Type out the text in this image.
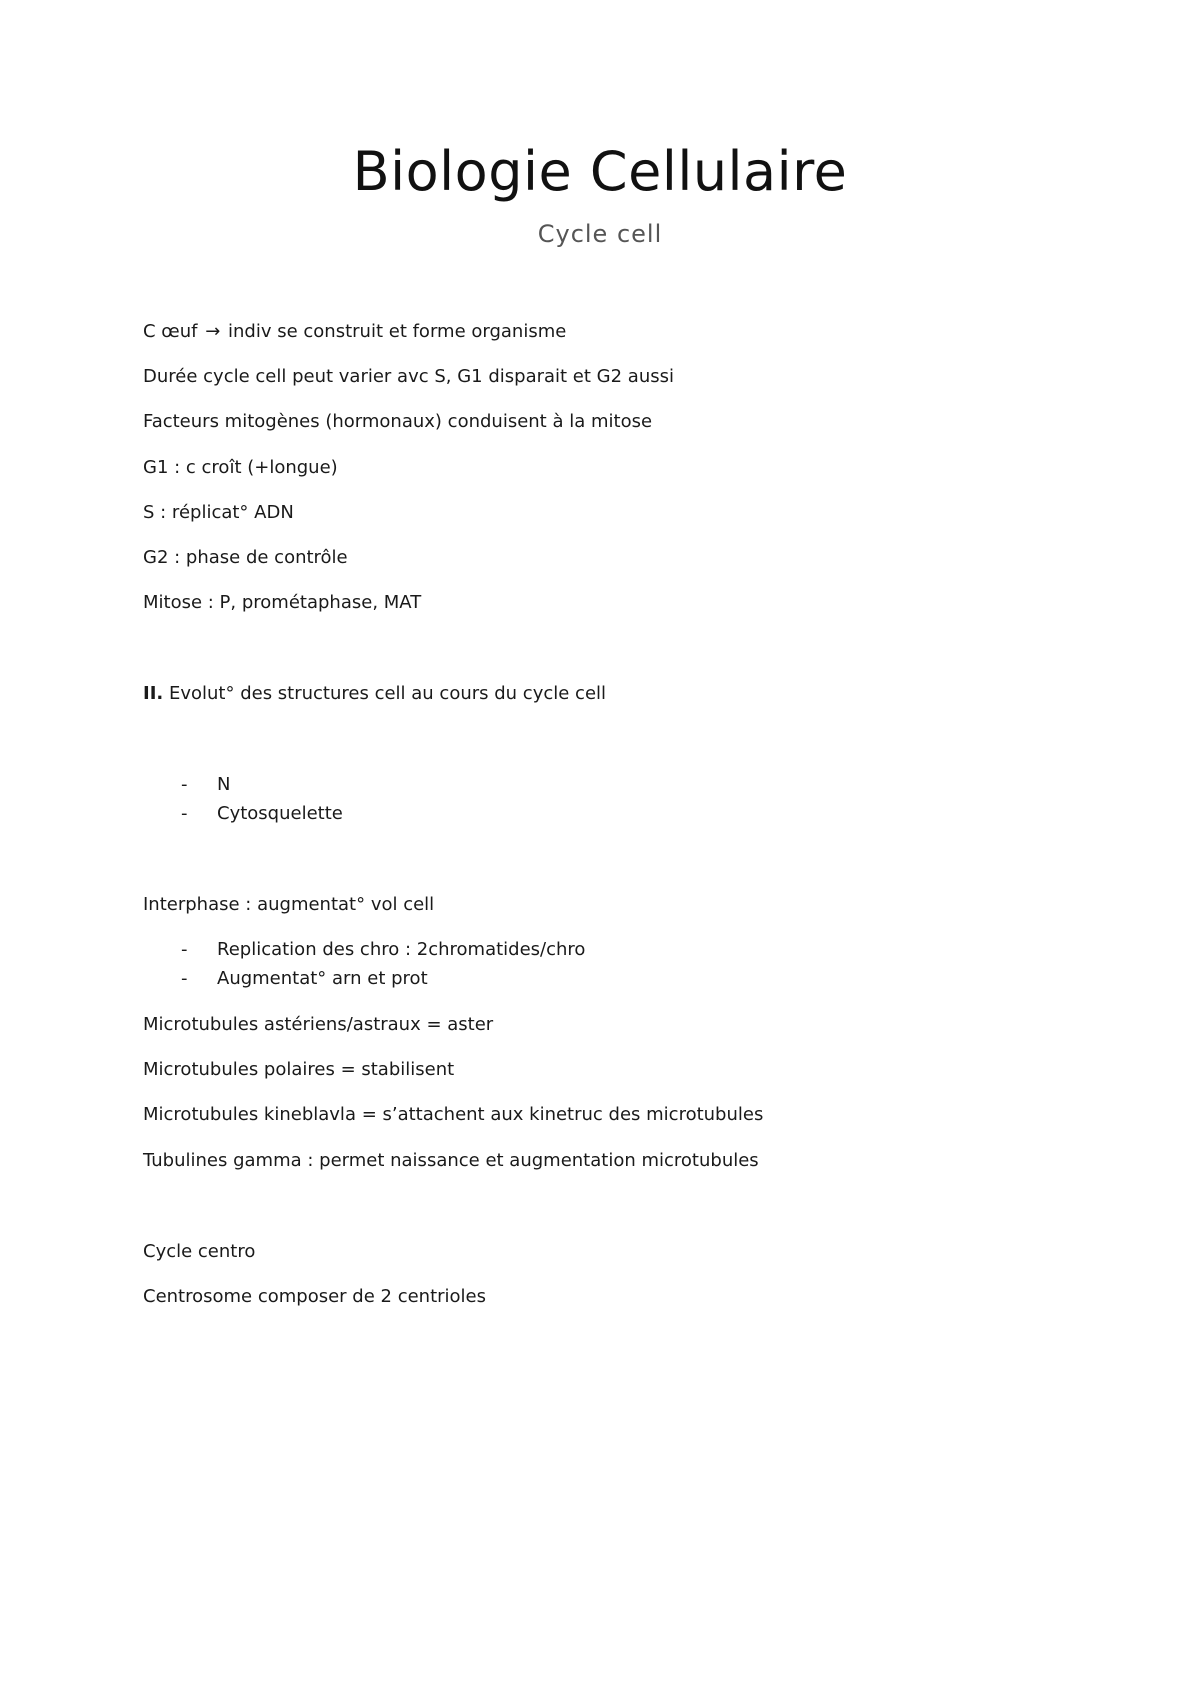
Biologie Cellulaire
Cycle cell
C œuf → indiv se construit et forme organisme
Durée cycle cell peut varier avc S, G1 disparait et G2 aussi
Facteurs mitogènes (hormonaux) conduisent à la mitose
G1 : c croît (+longue)
S : réplicat° ADN
G2 : phase de contrôle
Mitose : P, prométaphase, MAT
II. Evolut° des structures cell au cours du cycle cell
- N
- Cytosquelette
Interphase : augmentat° vol cell
- Replication des chro : 2chromatides/chro
- Augmentat° arn et prot
Microtubules astériens/astraux = aster
Microtubules polaires = stabilisent
Microtubules kineblavla = s’attachent aux kinetruc des microtubules
Tubulines gamma : permet naissance et augmentation microtubules
Cycle centro
Centrosome composer de 2 centrioles
